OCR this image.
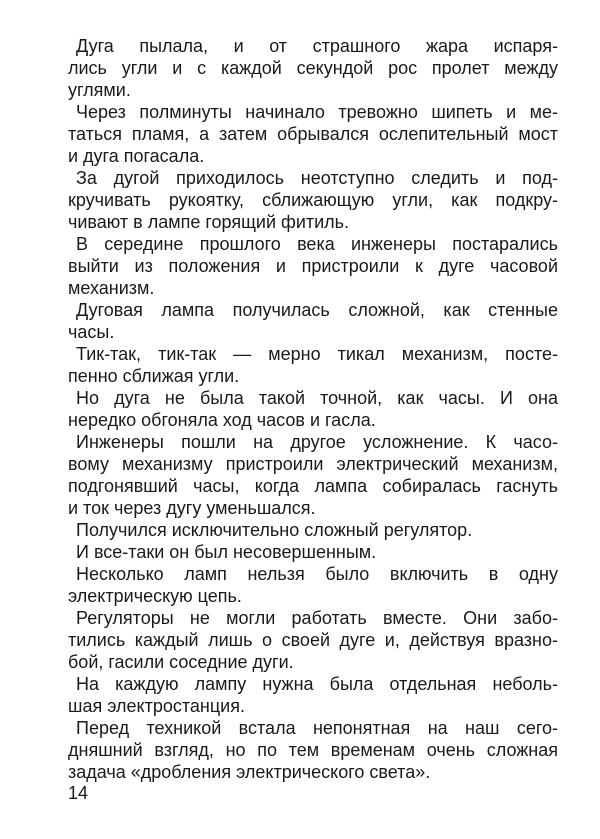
Дуга пылала, и от страшного жара испаря-
лись угли и с каждой секундой рос пролет между
углями.
Через полминуты начинало тревожно шипеть и ме-
таться пламя, а затем обрывался ослепительный мост
и дуга погасала.
За дугой приходилось неотступно следить и под-
кручивать рукоятку, сближающую угли, как подкру-
чивают в лампе горящий фитиль.
В середине прошлого века инженеры постарались
выйти из положения и пристроили к дуге часовой
механизм.
Дуговая лампа получилась сложной, как стенные
часы.
Тик-так, тик-так — мерно тикал механизм, посте-
пенно сближая угли.
Но дуга не была такой точной, как часы. И она
нередко обгоняла ход часов и гасла.
Инженеры пошли на другое усложнение. К часо-
вому механизму пристроили электрический механизм,
подгонявший часы, когда лампа собиралась гаснуть
и ток через дугу уменьшался.
Получился исключительно сложный регулятор.
И все-таки он был несовершенным.
Несколько ламп нельзя было включить в одну
электрическую цепь.
Регуляторы не могли работать вместе. Они забо-
тились каждый лишь о своей дуге и, действуя вразно-
бой, гасили соседние дуги.
На каждую лампу нужна была отдельная неболь-
шая электростанция.
Перед техникой встала непонятная на наш сего-
дняшний взгляд, но по тем временам очень сложная
задача «дробления электрического света».
14
